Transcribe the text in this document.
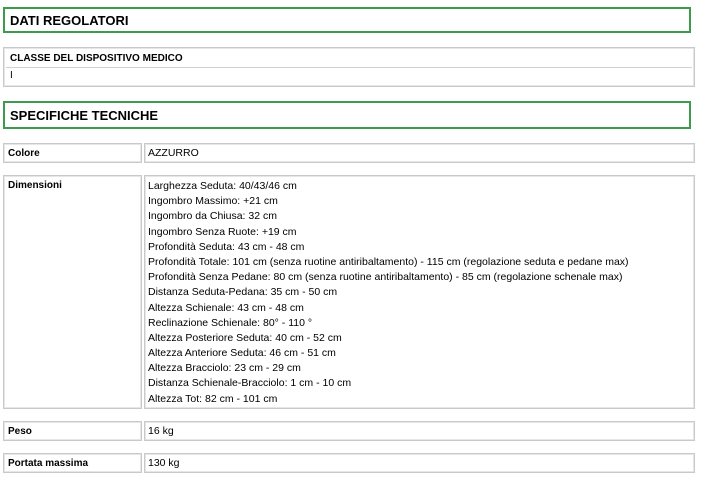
DATI REGOLATORI
CLASSE DEL DISPOSITIVO MEDICO
I
SPECIFICHE TECNICHE
Colore	AZZURRO
Dimensioni	Larghezza Seduta: 40/43/46 cm
Ingombro Massimo: +21 cm
Ingombro da Chiusa: 32 cm
Ingombro Senza Ruote: +19 cm
Profondità Seduta: 43 cm - 48 cm
Profondità Totale: 101 cm (senza ruotine antiribaltamento) - 115 cm (regolazione seduta e pedane max)
Profondità Senza Pedane: 80 cm (senza ruotine antiribaltamento) - 85 cm (regolazione schenale max)
Distanza Seduta-Pedana: 35 cm - 50 cm
Altezza Schienale: 43 cm - 48 cm
Reclinazione Schienale: 80° - 110 °
Altezza Posteriore Seduta: 40 cm - 52 cm
Altezza Anteriore Seduta: 46 cm - 51 cm
Altezza Bracciolo: 23 cm - 29 cm
Distanza Schienale-Bracciolo: 1 cm - 10 cm
Altezza Tot: 82 cm - 101 cm
Peso	16 kg
Portata massima	130 kg
